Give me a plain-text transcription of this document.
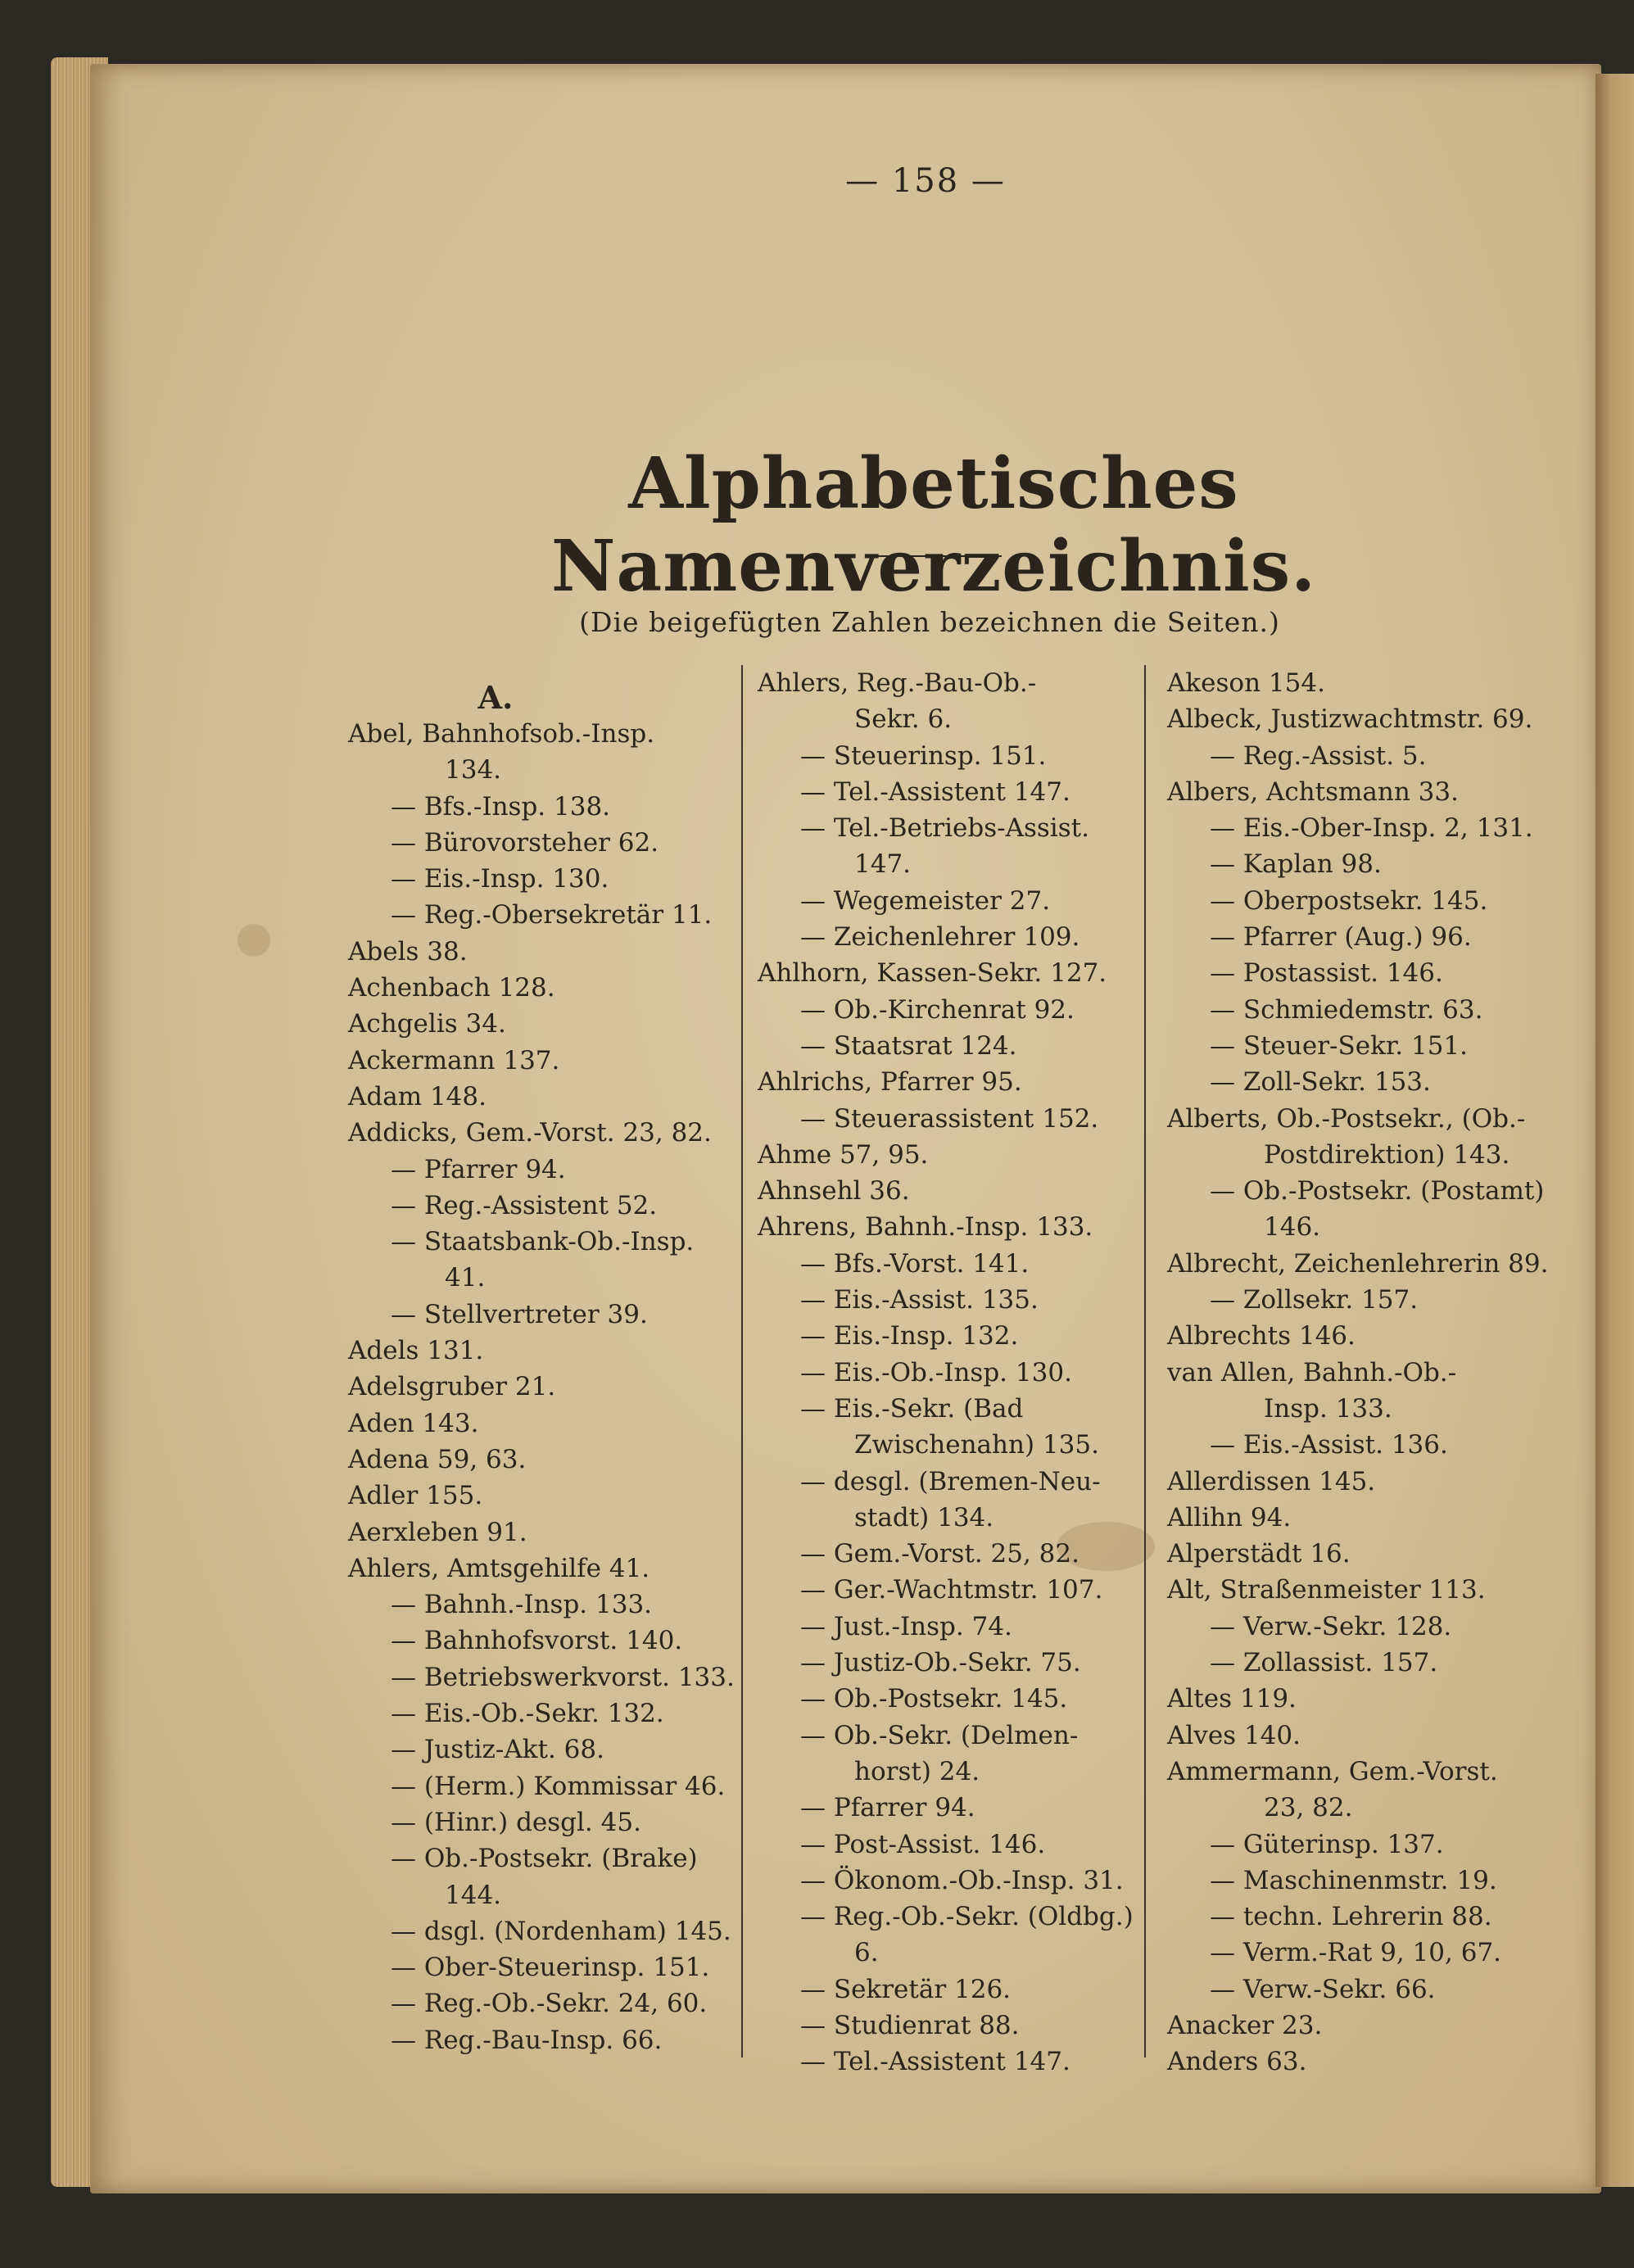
— 158 —
Alphabetisches Namenverzeichnis.
(Die beigefügten Zahlen bezeichnen die Seiten.)
A.
Abel, Bahnhofsob.-Insp.
134.
— Bfs.-Insp. 138.
— Bürovorsteher 62.
— Eis.-Insp. 130.
— Reg.-Obersekretär 11.
Abels 38.
Achenbach 128.
Achgelis 34.
Ackermann 137.
Adam 148.
Addicks, Gem.-Vorst. 23, 82.
— Pfarrer 94.
— Reg.-Assistent 52.
— Staatsbank-Ob.-Insp.
41.
— Stellvertreter 39.
Adels 131.
Adelsgruber 21.
Aden 143.
Adena 59, 63.
Adler 155.
Aerxleben 91.
Ahlers, Amtsgehilfe 41.
— Bahnh.-Insp. 133.
— Bahnhofsvorst. 140.
— Betriebswerkvorst. 133.
— Eis.-Ob.-Sekr. 132.
— Justiz-Akt. 68.
— (Herm.) Kommissar 46.
— (Hinr.) desgl. 45.
— Ob.-Postsekr. (Brake)
144.
— dsgl. (Nordenham) 145.
— Ober-Steuerinsp. 151.
— Reg.-Ob.-Sekr. 24, 60.
— Reg.-Bau-Insp. 66.
Ahlers, Reg.-Bau-Ob.-
Sekr. 6.
— Steuerinsp. 151.
— Tel.-Assistent 147.
— Tel.-Betriebs-Assist.
147.
— Wegemeister 27.
— Zeichenlehrer 109.
Ahlhorn, Kassen-Sekr. 127.
— Ob.-Kirchenrat 92.
— Staatsrat 124.
Ahlrichs, Pfarrer 95.
— Steuerassistent 152.
Ahme 57, 95.
Ahnsehl 36.
Ahrens, Bahnh.-Insp. 133.
— Bfs.-Vorst. 141.
— Eis.-Assist. 135.
— Eis.-Insp. 132.
— Eis.-Ob.-Insp. 130.
— Eis.-Sekr. (Bad
Zwischenahn) 135.
— desgl. (Bremen-Neu-
stadt) 134.
— Gem.-Vorst. 25, 82.
— Ger.-Wachtmstr. 107.
— Just.-Insp. 74.
— Justiz-Ob.-Sekr. 75.
— Ob.-Postsekr. 145.
— Ob.-Sekr. (Delmen-
horst) 24.
— Pfarrer 94.
— Post-Assist. 146.
— Ökonom.-Ob.-Insp. 31.
— Reg.-Ob.-Sekr. (Oldbg.)
6.
— Sekretär 126.
— Studienrat 88.
— Tel.-Assistent 147.
Akeson 154.
Albeck, Justizwachtmstr. 69.
— Reg.-Assist. 5.
Albers, Achtsmann 33.
— Eis.-Ober-Insp. 2, 131.
— Kaplan 98.
— Oberpostsekr. 145.
— Pfarrer (Aug.) 96.
— Postassist. 146.
— Schmiedemstr. 63.
— Steuer-Sekr. 151.
— Zoll-Sekr. 153.
Alberts, Ob.-Postsekr., (Ob.-
Postdirektion) 143.
— Ob.-Postsekr. (Postamt)
146.
Albrecht, Zeichenlehrerin 89.
— Zollsekr. 157.
Albrechts 146.
van Allen, Bahnh.-Ob.-
Insp. 133.
— Eis.-Assist. 136.
Allerdissen 145.
Allihn 94.
Alperstädt 16.
Alt, Straßenmeister 113.
— Verw.-Sekr. 128.
— Zollassist. 157.
Altes 119.
Alves 140.
Ammermann, Gem.-Vorst.
23, 82.
— Güterinsp. 137.
— Maschinenmstr. 19.
— techn. Lehrerin 88.
— Verm.-Rat 9, 10, 67.
— Verw.-Sekr. 66.
Anacker 23.
Anders 63.
